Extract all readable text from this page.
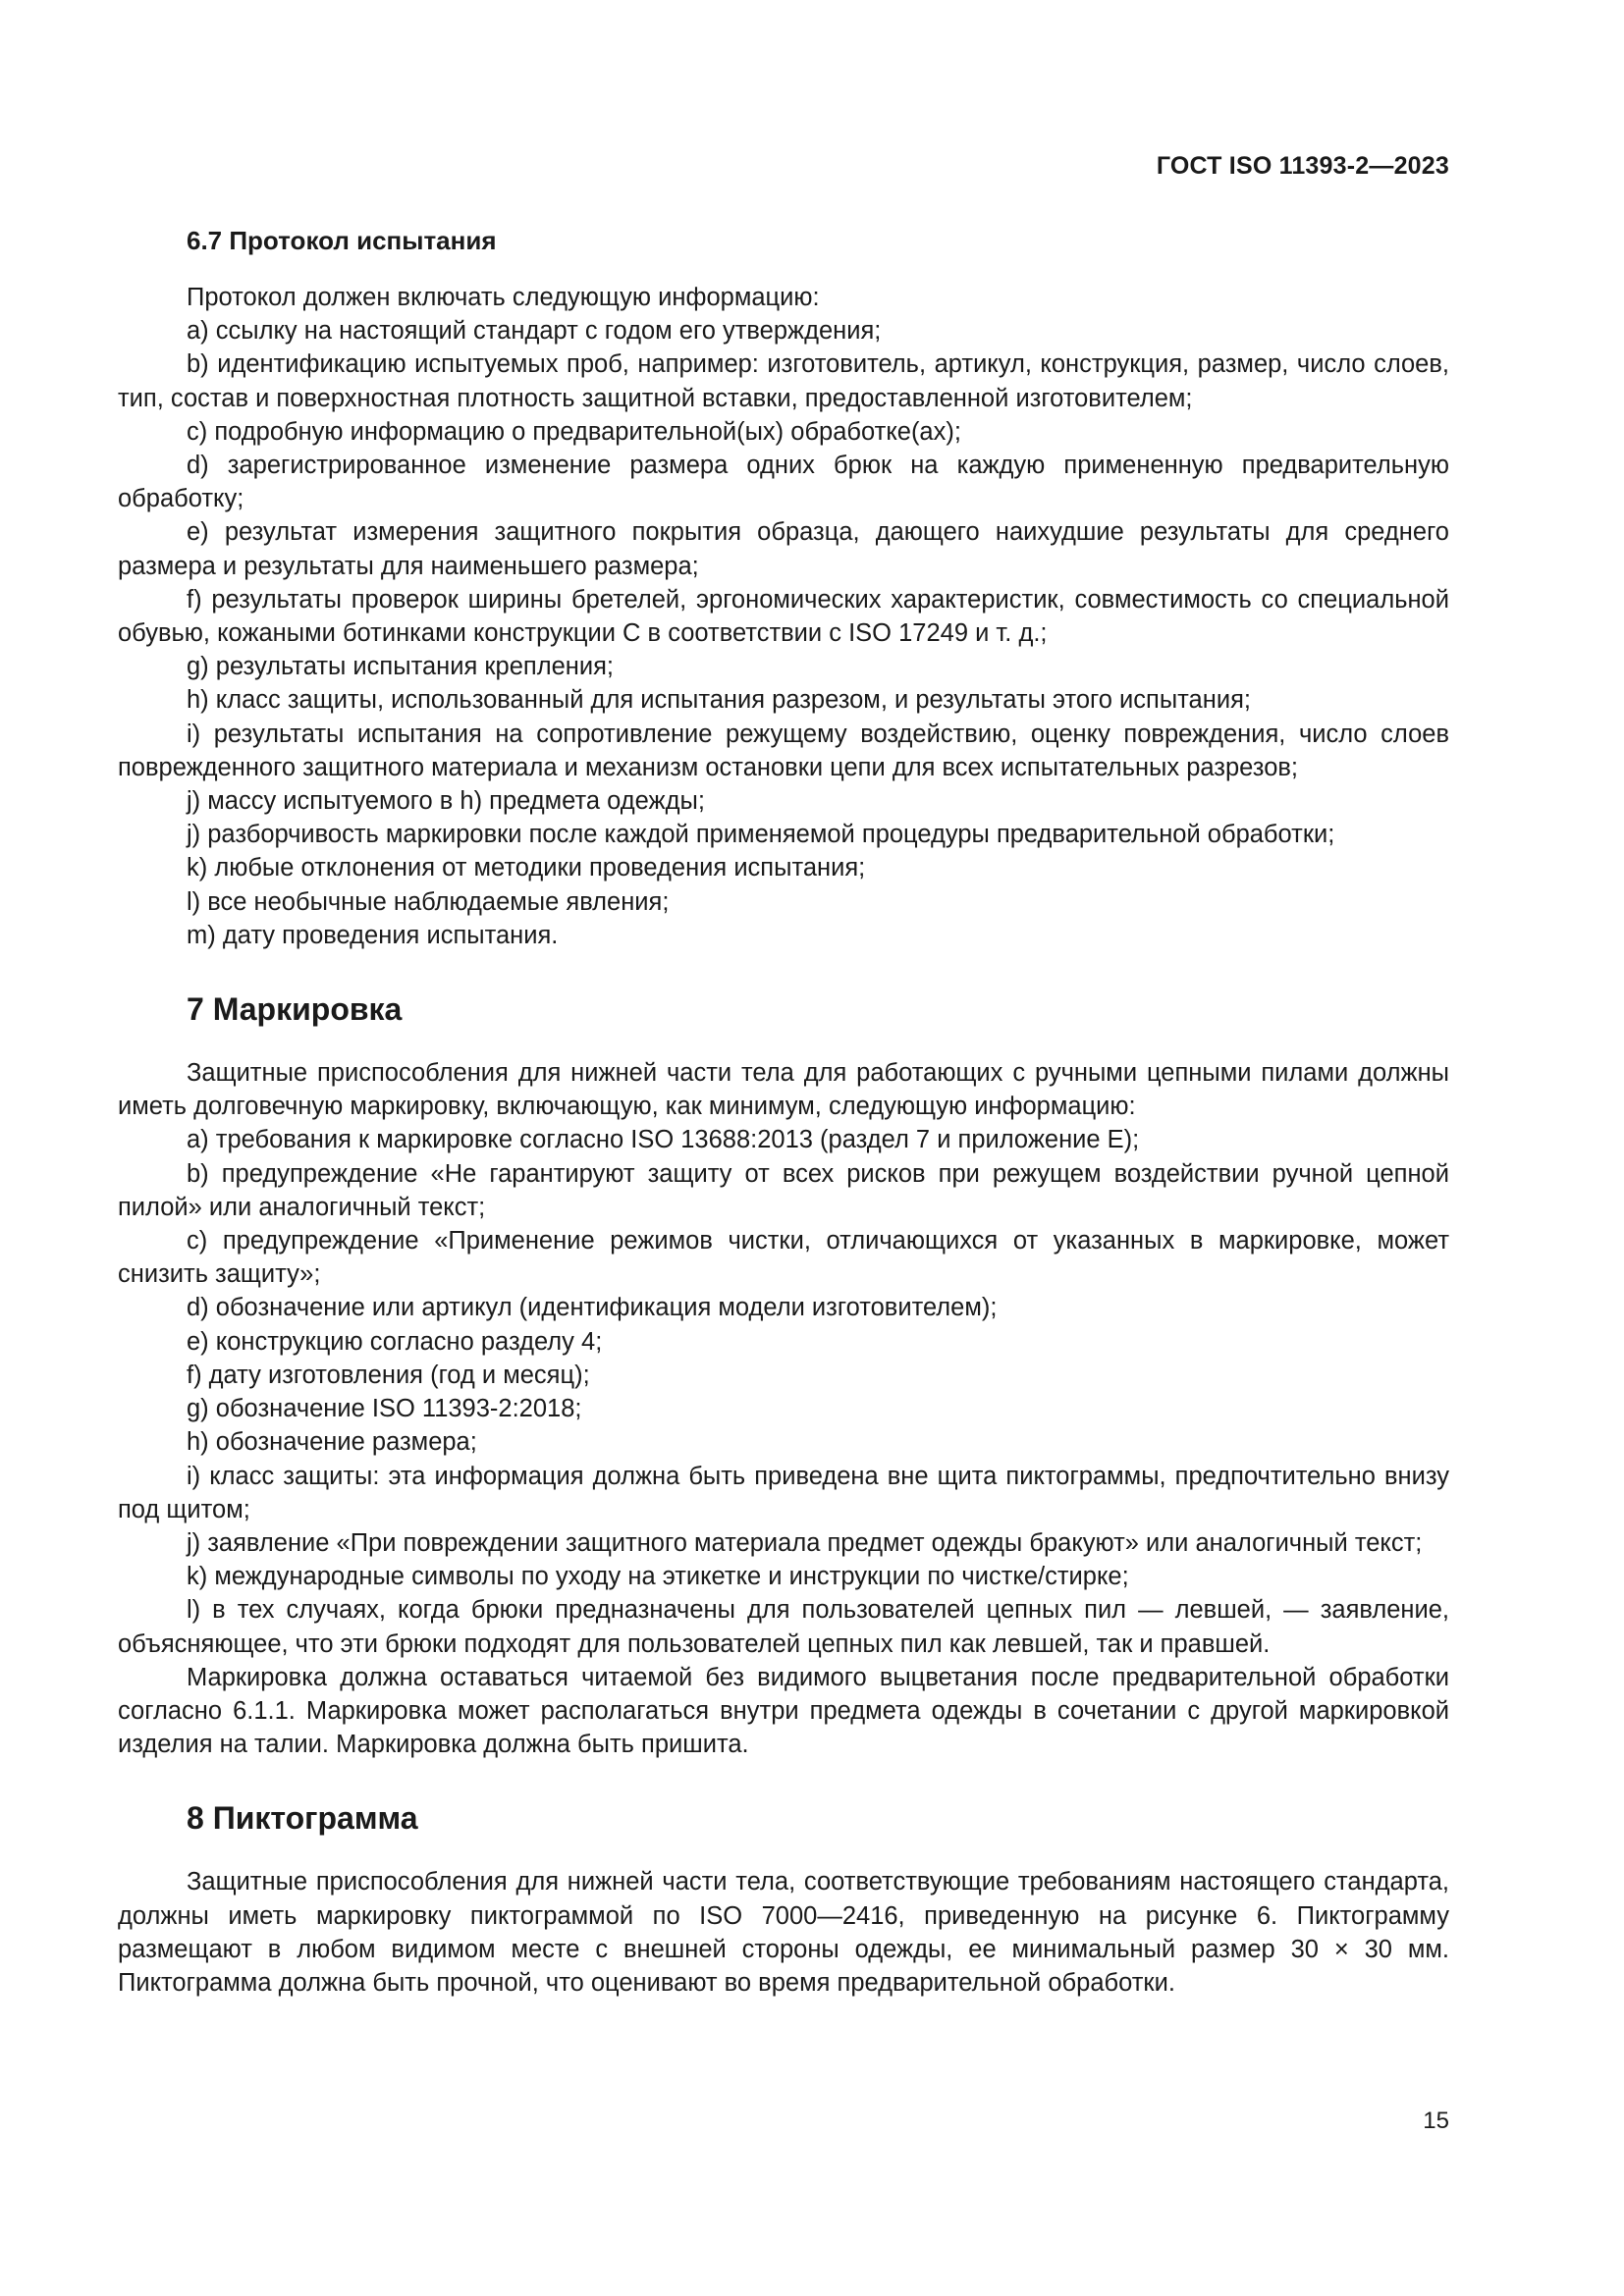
ГОСТ ISO 11393-2—2023
6.7 Протокол испытания
Протокол должен включать следующую информацию:
a) ссылку на настоящий стандарт с годом его утверждения;
b) идентификацию испытуемых проб, например: изготовитель, артикул, конструкция, размер, число слоев, тип, состав и поверхностная плотность защитной вставки, предоставленной изготовителем;
c) подробную информацию о предварительной(ых) обработке(ах);
d) зарегистрированное изменение размера одних брюк на каждую примененную предварительную обработку;
e) результат измерения защитного покрытия образца, дающего наихудшие результаты для среднего размера и результаты для наименьшего размера;
f) результаты проверок ширины бретелей, эргономических характеристик, совместимость со специальной обувью, кожаными ботинками конструкции С в соответствии с ISO 17249 и т. д.;
g) результаты испытания крепления;
h) класс защиты, использованный для испытания разрезом, и результаты этого испытания;
i) результаты испытания на сопротивление режущему воздействию, оценку повреждения, число слоев поврежденного защитного материала и механизм остановки цепи для всех испытательных разрезов;
j) массу испытуемого в h) предмета одежды;
j) разборчивость маркировки после каждой применяемой процедуры предварительной обработки;
k) любые отклонения от методики проведения испытания;
l) все необычные наблюдаемые явления;
m) дату проведения испытания.
7 Маркировка
Защитные приспособления для нижней части тела для работающих с ручными цепными пилами должны иметь долговечную маркировку, включающую, как минимум, следующую информацию:
a) требования к маркировке согласно ISO 13688:2013 (раздел 7 и приложение Е);
b) предупреждение «Не гарантируют защиту от всех рисков при режущем воздействии ручной цепной пилой» или аналогичный текст;
c) предупреждение «Применение режимов чистки, отличающихся от указанных в маркировке, может снизить защиту»;
d) обозначение или артикул (идентификация модели изготовителем);
e) конструкцию согласно разделу 4;
f) дату изготовления (год и месяц);
g) обозначение ISO 11393-2:2018;
h) обозначение размера;
i) класс защиты: эта информация должна быть приведена вне щита пиктограммы, предпочтительно внизу под щитом;
j) заявление «При повреждении защитного материала предмет одежды бракуют» или аналогичный текст;
k) международные символы по уходу на этикетке и инструкции по чистке/стирке;
l) в тех случаях, когда брюки предназначены для пользователей цепных пил — левшей, — заявление, объясняющее, что эти брюки подходят для пользователей цепных пил как левшей, так и правшей.
Маркировка должна оставаться читаемой без видимого выцветания после предварительной обработки согласно 6.1.1. Маркировка может располагаться внутри предмета одежды в сочетании с другой маркировкой изделия на талии. Маркировка должна быть пришита.
8 Пиктограмма
Защитные приспособления для нижней части тела, соответствующие требованиям настоящего стандарта, должны иметь маркировку пиктограммой по ISO 7000—2416, приведенную на рисунке 6. Пиктограмму размещают в любом видимом месте с внешней стороны одежды, ее минимальный размер 30 × 30 мм. Пиктограмма должна быть прочной, что оценивают во время предварительной обработки.
15
